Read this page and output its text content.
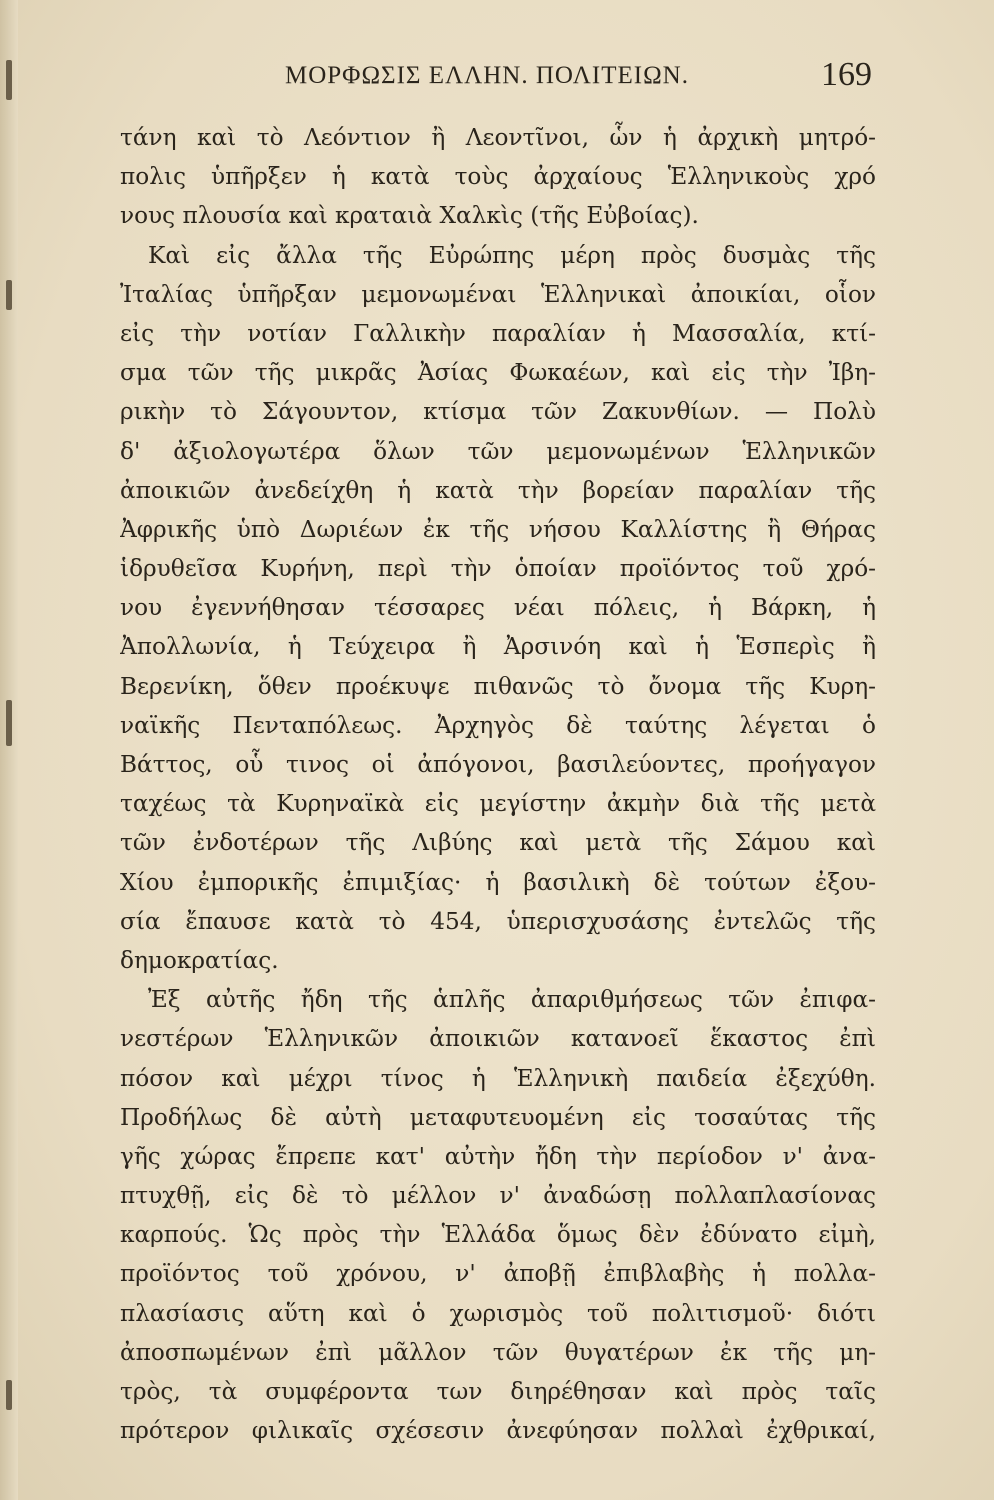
ΜΟΡΦΩΣΙΣ ΕΛΛΗΝ. ΠΟΛΙΤΕΙΩΝ.	169
τάνη καὶ τὸ Λεόντιον ἢ Λεοντῖνοι, ὧν ἡ ἀρχικὴ μητρό-
πολις ὑπῆρξεν ἡ κατὰ τοὺς ἀρχαίους Ἑλληνικοὺς χρό
νους πλουσία καὶ κραταιὰ Χαλκὶς (τῆς Εὐβοίας).
Καὶ εἰς ἄλλα τῆς Εὐρώπης μέρη πρὸς δυσμὰς τῆς
Ἰταλίας ὑπῆρξαν μεμονωμέναι Ἑλληνικαὶ ἀποικίαι, οἷον
εἰς τὴν νοτίαν Γαλλικὴν παραλίαν ἡ Μασσαλία, κτί-
σμα τῶν τῆς μικρᾶς Ἀσίας Φωκαέων, καὶ εἰς τὴν Ἰβη-
ρικὴν τὸ Σάγουντον, κτίσμα τῶν Ζακυνθίων. — Πολὺ
δ' ἀξιολογωτέρα ὅλων τῶν μεμονωμένων Ἑλληνικῶν
ἀποικιῶν ἀνεδείχθη ἡ κατὰ τὴν βορείαν παραλίαν τῆς
Ἀφρικῆς ὑπὸ Δωριέων ἐκ τῆς νήσου Καλλίστης ἢ Θήρας
ἱδρυθεῖσα Κυρήνη, περὶ τὴν ὁποίαν προϊόντος τοῦ χρό-
νου ἐγεννήθησαν τέσσαρες νέαι πόλεις, ἡ Βάρκη, ἡ
Ἀπολλωνία, ἡ Τεύχειρα ἢ Ἀρσινόη καὶ ἡ Ἑσπερὶς ἢ
Βερενίκη, ὅθεν προέκυψε πιθανῶς τὸ ὄνομα τῆς Κυρη-
ναϊκῆς Πενταπόλεως. Ἀρχηγὸς δὲ ταύτης λέγεται ὁ
Βάττος, οὗ τινος οἱ ἀπόγονοι, βασιλεύοντες, προήγαγον
ταχέως τὰ Κυρηναϊκὰ εἰς μεγίστην ἀκμὴν διὰ τῆς μετὰ
τῶν ἐνδοτέρων τῆς Λιβύης καὶ μετὰ τῆς Σάμου καὶ
Χίου ἐμπορικῆς ἐπιμιξίας· ἡ βασιλικὴ δὲ τούτων ἐξου-
σία ἔπαυσε κατὰ τὸ 454, ὑπερισχυσάσης ἐντελῶς τῆς
δημοκρατίας.
Ἐξ αὐτῆς ἤδη τῆς ἁπλῆς ἀπαριθμήσεως τῶν ἐπιφα-
νεστέρων Ἑλληνικῶν ἀποικιῶν κατανοεῖ ἕκαστος ἐπὶ
πόσον καὶ μέχρι τίνος ἡ Ἑλληνικὴ παιδεία ἐξεχύθη.
Προδήλως δὲ αὐτὴ μεταφυτευομένη εἰς τοσαύτας τῆς
γῆς χώρας ἔπρεπε κατ' αὐτὴν ἤδη τὴν περίοδον ν' ἀνα-
πτυχθῇ, εἰς δὲ τὸ μέλλον ν' ἀναδώσῃ πολλαπλασίονας
καρπούς. Ὡς πρὸς τὴν Ἑλλάδα ὅμως δὲν ἐδύνατο εἰμὴ,
προϊόντος τοῦ χρόνου, ν' ἀποβῇ ἐπιβλαβὴς ἡ πολλα-
πλασίασις αὕτη καὶ ὁ χωρισμὸς τοῦ πολιτισμοῦ· διότι
ἀποσπωμένων ἐπὶ μᾶλλον τῶν θυγατέρων ἐκ τῆς μη-
τρὸς, τὰ συμφέροντα των διηρέθησαν καὶ πρὸς ταῖς
πρότερον φιλικαῖς σχέσεσιν ἀνεφύησαν πολλαὶ ἐχθρικαί,
